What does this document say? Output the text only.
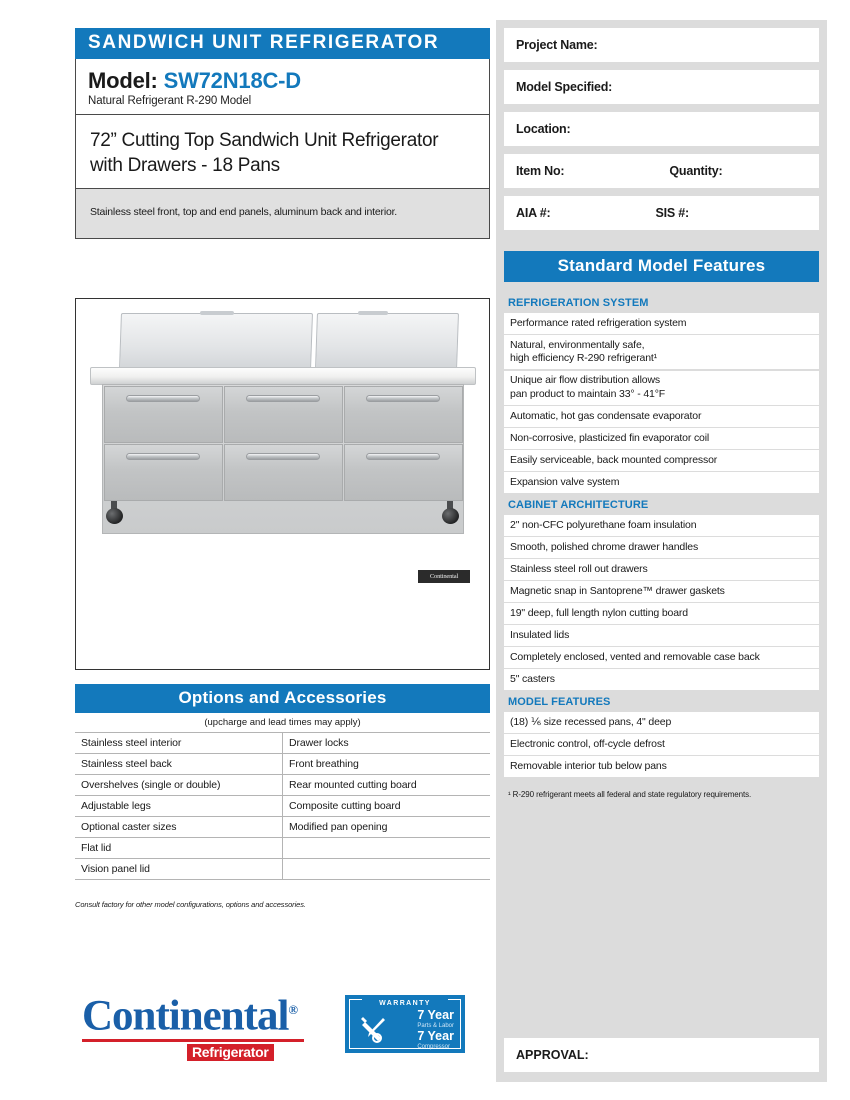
SANDWICH UNIT REFRIGERATOR
Model: SW72N18C-D
Natural Refrigerant R-290 Model
72” Cutting Top Sandwich Unit Refrigerator with Drawers - 18 Pans
Stainless steel front, top and end panels, aluminum back and interior.
Continental
Options and Accessories
(upcharge and lead times may apply)
Stainless steel interior	Drawer locks
Stainless steel back	Front breathing
Overshelves (single or double)	Rear mounted cutting board
Adjustable legs	Composite cutting board
Optional caster sizes	Modified pan opening
Flat lid	
Vision panel lid	
Consult factory for other model configurations, options and accessories.
Continental®
Refrigerator
WARRANTY
7 Year
Parts & Labor
7 Year
Compressor
Project Name:
Model Specified:
Location:
Item No:	Quantity:
AIA #:	SIS #:
Standard Model Features
REFRIGERATION SYSTEM
Performance rated refrigeration system
Natural, environmentally safe,
high efficiency R-290 refrigerant¹
Unique air flow distribution allows
pan product to maintain 33° - 41°F
Automatic, hot gas condensate evaporator
Non-corrosive, plasticized fin evaporator coil
Easily serviceable, back mounted compressor
Expansion valve system
CABINET ARCHITECTURE
2" non-CFC polyurethane foam insulation
Smooth, polished chrome drawer handles
Stainless steel roll out drawers
Magnetic snap in Santoprene™ drawer gaskets
19" deep, full length nylon cutting board
Insulated lids
Completely enclosed, vented and removable case back
5" casters
MODEL FEATURES
(18) ⅙ size recessed pans, 4" deep
Electronic control, off-cycle defrost
Removable interior tub below pans
¹ R-290 refrigerant meets all federal and state regulatory requirements.
APPROVAL:
